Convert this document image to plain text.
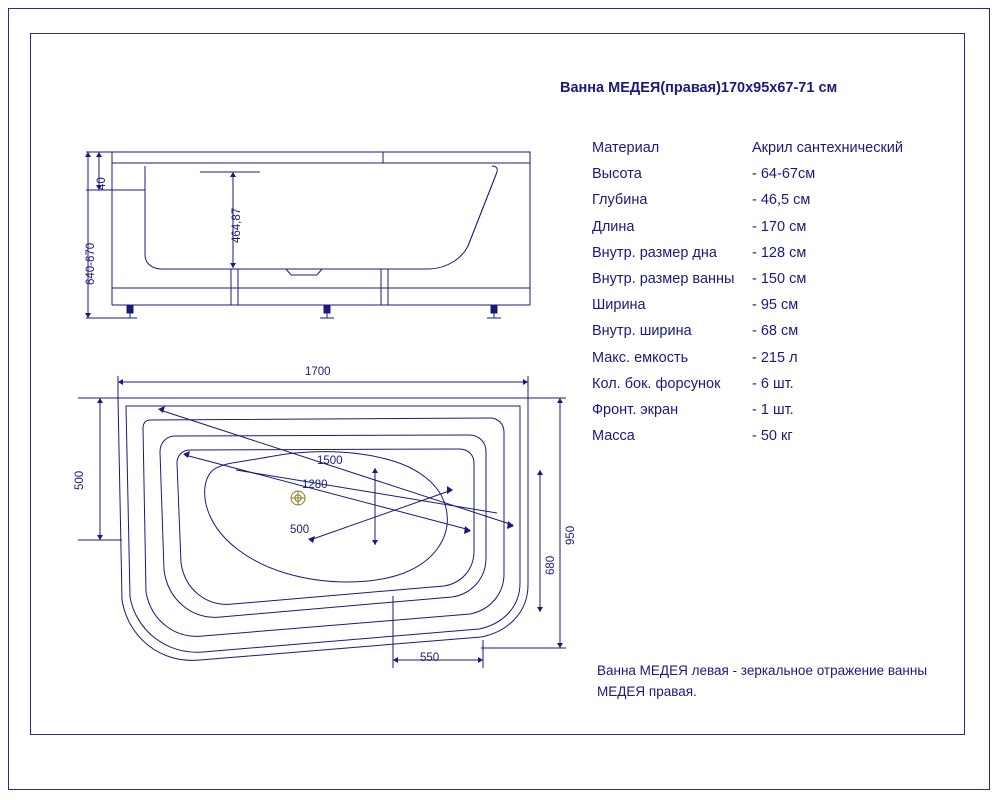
Ванна МЕДЕЯ(правая)170х95х67-71 см
Материал	Акрил сантехнический
Высота	- 64-67см
Глубина	- 46,5 см
Длина	- 170 см
Внутр. размер дна	- 128 см
Внутр. размер ванны	- 150 см
Ширина	- 95 см
Внутр. ширина	- 68 см
Макс. емкость	- 215 л
Кол. бок. форсунок	- 6 шт.
Фронт. экран	- 1 шт.
Масса	- 50 кг
Ванна МЕДЕЯ левая - зеркальное отражение ванны МЕДЕЯ правая.
40
640-670
464,87
1700
500
950
680
550
1500
1280
500
